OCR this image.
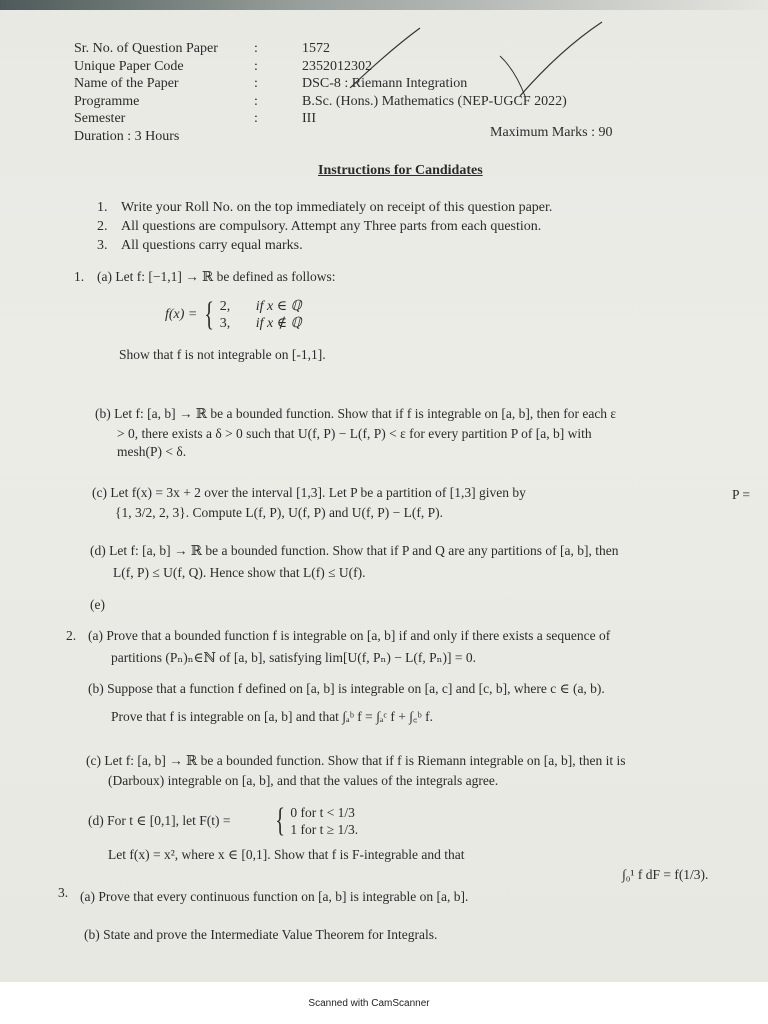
Sr. No. of Question Paper	:	1572
Unique Paper Code	:	2352012302
Name of the Paper	:	DSC-8 : Riemann Integration
Programme	:	B.Sc. (Hons.) Mathematics (NEP-UGCF 2022)
Semester	:	III
Duration : 3 Hours	Maximum Marks : 90
Instructions for Candidates
1. Write your Roll No. on the top immediately on receipt of this question paper.
2. All questions are compulsory. Attempt any Three parts from each question.
3. All questions carry equal marks.
1. (a) Let f: [−1,1] → ℝ be defined as follows:
f(x) = { 2,	if x ∈ ℚ
3,	if x ∉ ℚ
Show that f is not integrable on [-1,1].
(b) Let f: [a, b] → ℝ be a bounded function. Show that if f is integrable on [a, b], then for each ε
> 0, there exists a δ > 0 such that U(f, P) − L(f, P) < ε for every partition P of [a, b] with
mesh(P) < δ.
(c) Let f(x) = 3x + 2 over the interval [1,3]. Let P be a partition of [1,3] given by	P =
{1, 3/2, 2, 3}. Compute L(f, P), U(f, P) and U(f, P) − L(f, P).
(d) Let f: [a, b] → ℝ be a bounded function. Show that if P and Q are any partitions of [a, b], then
L(f, P) ≤ U(f, Q). Hence show that L(f) ≤ U(f).
(e)
2. (a) Prove that a bounded function f is integrable on [a, b] if and only if there exists a sequence of
partitions (Pₙ)ₙ∈ℕ of [a, b], satisfying lim[U(f, Pₙ) − L(f, Pₙ)] = 0.
(b) Suppose that a function f defined on [a, b] is integrable on [a, c] and [c, b], where c ∈ (a, b).
Prove that f is integrable on [a, b] and that ∫ₐᵇ f = ∫ₐᶜ f + ∫꜀ᵇ f.
(c) Let f: [a, b] → ℝ be a bounded function. Show that if f is Riemann integrable on [a, b], then it is
(Darboux) integrable on [a, b], and that the values of the integrals agree.
(d) For t ∈ [0,1], let F(t) = { 0 for t < 1/3
1 for t ≥ 1/3.
Let f(x) = x², where x ∈ [0,1]. Show that f is F-integrable and that
∫₀¹ f dF = f(1/3).
3. (a) Prove that every continuous function on [a, b] is integrable on [a, b].
(b) State and prove the Intermediate Value Theorem for Integrals.
Scanned with CamScanner
